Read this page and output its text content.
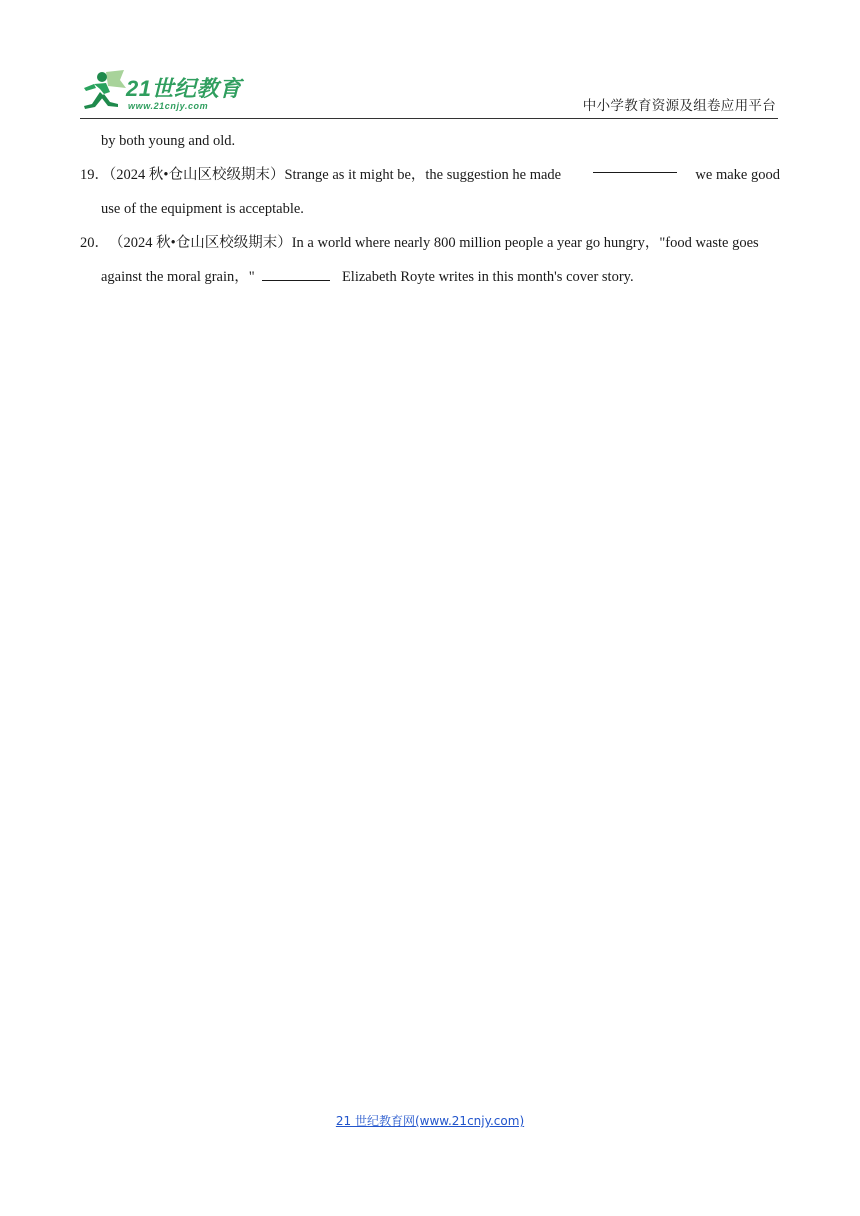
21世纪教育
www.21cnjy.com	中小学教育资源及组卷应用平台
by both young and old.
19．（2024 秋•仓山区校级期末）Strange as it might be，the suggestion he made	we make good
use of the equipment is acceptable.
20． （2024 秋•仓山区校级期末） In a world where nearly 800 million people a year go hungry，"food waste goes
against the moral grain，"	Elizabeth Royte writes in this month's cover story.
21 世纪教育网(www.21cnjy.com)
